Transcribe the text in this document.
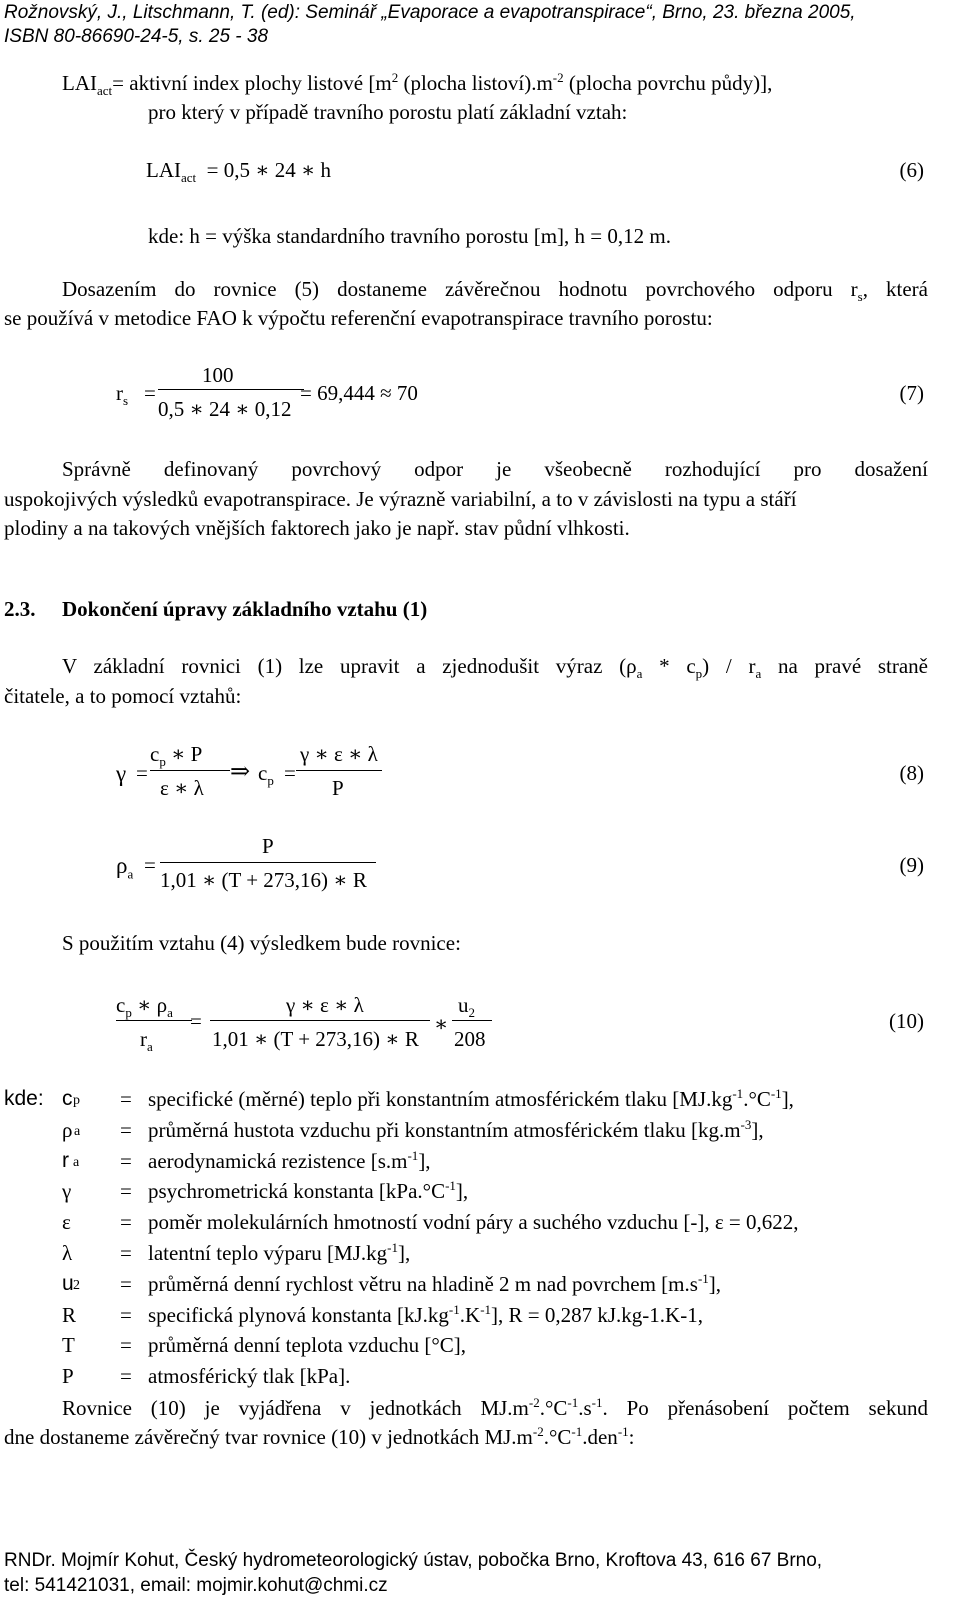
Rožnovský, J., Litschmann, T. (ed): Seminář „Evaporace a evapotranspirace“, Brno, 23. března 2005,
ISBN 80-86690-24-5, s. 25 - 38
$LAI_{act}=$ aktivní index plochy listové [$m^2$ (plocha $listoví).m^{-2}$ (plocha povrchu půdy)],
pro který v případě travního porostu platí základní vztah:
$LAI_{act} = 0,5$ ∗ 24 ∗ h	(6)
kde: h = výška standardního travního porostu [m], h = 0,12 m.
Dosazením do rovnice (5) dostaneme závěrečnou hodnotu povrchového odporu $r_s$, která
se používá v metodice FAO k výpočtu referenční evapotranspirace travního porostu:
$r_s$ =
100
0,5 ∗ 24 ∗ 0,12
= 69,444 ≈ 70	(7)
Správně definovaný povrchový odpor je všeobecně rozhodující pro dosažení
uspokojivých výsledků evapotranspirace. Je výrazně variabilní, a to v závislosti na typu a stáří
plodiny a na takových vnějších faktorech jako je např. stav půdní vlhkosti.
2.3. Dokončení úpravy základního vztahu (1)
V základní rovnici (1) lze upravit a zjednodušit výraz $(\rho_a * c_p) / r_a$ na pravé straně
čitatele, a to pomocí vztahů:
γ =
$c_p$ ∗ P
ε ∗ λ
⇒ $c_p$ =
γ ∗ ε ∗ λ
P
(8)
$\rho_a$ =
P
1,01 ∗ (T + 273,16) ∗ R
(9)
S použitím vztahu (4) výsledkem bude rovnice:
$c_p$ ∗ $\rho_a$
$r_a$
=
γ ∗ ε ∗ λ
1,01 ∗ (T + 273,16) ∗ R
∗
$u_2$
208
(10)
kde: c p = specifické (měrné) teplo při konstantním atmosférickém tlaku $[MJ.kg^{-1}.^\circ C^{-1}]$,
ρ a = průměrná hustota vzduchu při konstantním atmosférickém tlaku $[kg.m^{-3}]$,
r a = aerodynamická rezistence $[s.m^{-1}]$,
γ = psychrometrická konstanta $[kPa.^\circ C^{-1}]$,
ε = poměr molekulárních hmotností vodní páry a suchého vzduchu [-], ε = 0,622,
λ = latentní teplo výparu $[MJ.kg^{-1}]$,
u 2 = průměrná denní rychlost větru na hladině 2 m nad povrchem $[m.s^{-1}]$,
R = specifická plynová konstanta $[kJ.kg^{-1}.K^{-1}]$, R = 0,287 kJ.kg-1.K-1,
T = průměrná denní teplota vzduchu [°C],
P = atmosférický tlak [kPa].
Rovnice (10) je vyjádřena v jednotkách $MJ.m^{-2}.^\circ C^{-1}.s^{-1}$. Po přenásobení počtem sekund
dne dostaneme závěrečný tvar rovnice (10) v jednotkách $MJ.m^{-2}.^\circ C^{-1}.den^{-1}$:
RNDr. Mojmír Kohut, Český hydrometeorologický ústav, pobočka Brno, Kroftova 43, 616 67 Brno,
tel: 541421031, email: mojmir.kohut@chmi.cz
